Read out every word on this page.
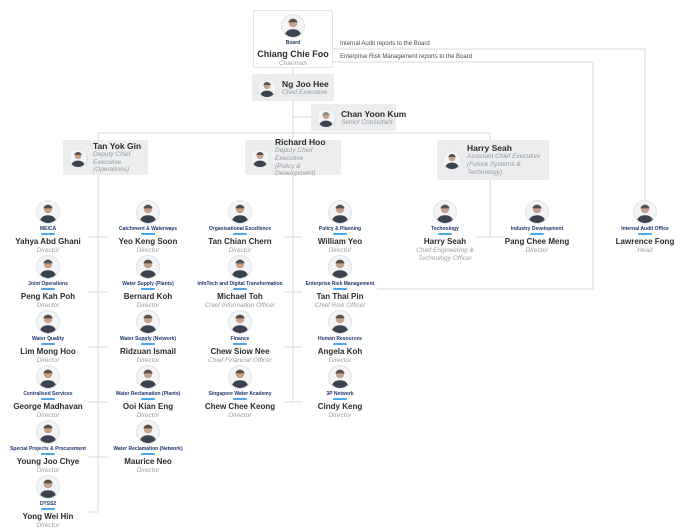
Internal Audit reports to the Board
Enterprise Risk Management reports to the Board
Board
Chiang Chie Foo
Chairman
Ng Joo Hee
Chief Executive
Chan Yoon Kum
Senior Consultant
Tan Yok Gin
Deputy Chief Executive
(Operations)
Richard Hoo
Deputy Chief Executive
(Policy & Development)
Harry Seah
Assistant Chief Executive
(Future Systems & Technology)
MEICA
Yahya Abd Ghani
Director
Joint Operations
Peng Kah Poh
Director
Water Quality
Lim Mong Hoo
Director
Centralised Services
George Madhavan
Director
Special Projects & Procurement
Young Joo Chye
Director
DTSS2
Yong Wei Hin
Director
Catchment & Waterways
Yeo Keng Soon
Director
Water Supply (Plants)
Bernard Koh
Director
Water Supply (Network)
Ridzuan Ismail
Director
Water Reclamation (Plants)
Ooi Kian Eng
Director
Water Reclamation (Network)
Maurice Neo
Director
Organisational Excellence
Tan Chian Chern
Director
InfoTech and Digital Transformation
Michael Toh
Chief Information Officer
Finance
Chew Siow Nee
Chief Financial Officer
Singapore Water Academy
Chew Chee Keong
Director
Policy & Planning
William Yeo
Director
Enterprise Risk Management
Tan Thai Pin
Chief Risk Officer
Human Resources
Angela Koh
Director
3P Network
Cindy Keng
Director
Technology
Harry Seah
Chief Engineering & Technology Officer
Industry Development
Pang Chee Meng
Director
Internal Audit Office
Lawrence Fong
Head
